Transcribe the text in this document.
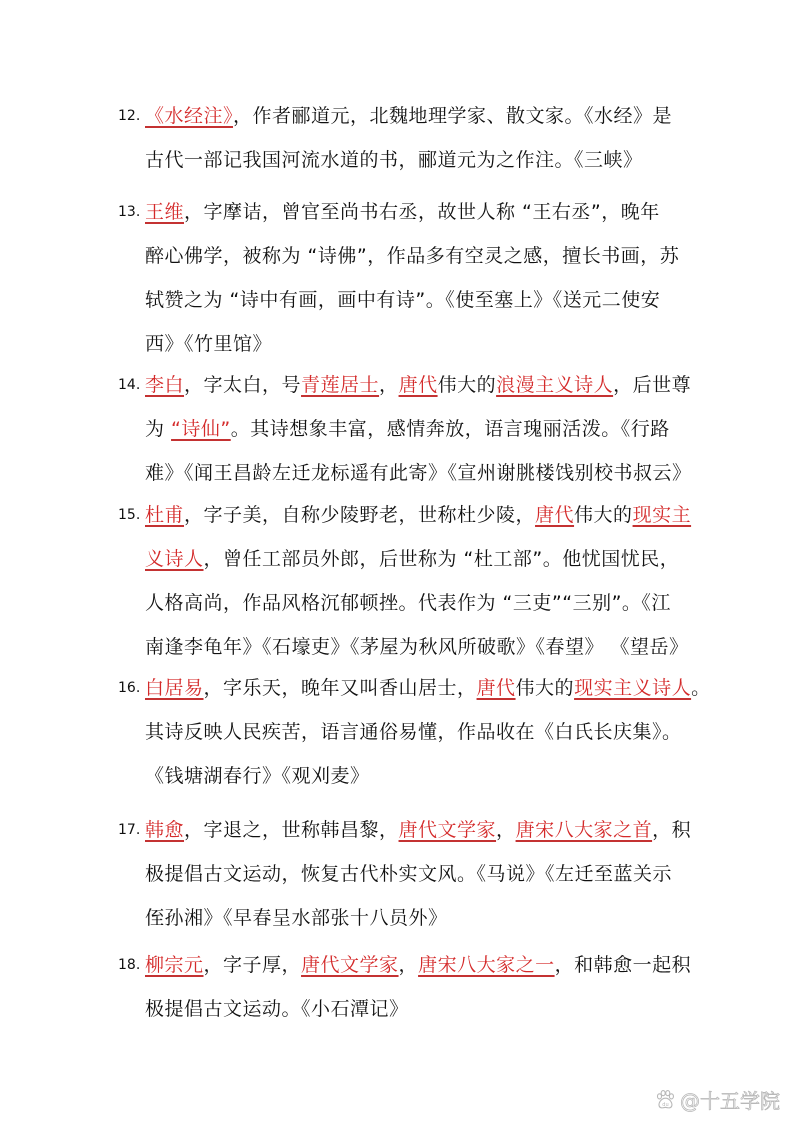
12. 《水经注》，作者郦道元，北魏地理学家、散文家。《水经》是
古代一部记我国河流水道的书，郦道元为之作注。《三峡》
13. 王维，字摩诘，曾官至尚书右丞，故世人称 “王右丞”，晚年
醉心佛学，被称为 “诗佛”，作品多有空灵之感，擅长书画，苏
轼赞之为 “诗中有画，画中有诗”。《使至塞上》《送元二使安
西》《竹里馆》
14. 李白，字太白，号青莲居士，唐代伟大的浪漫主义诗人，后世尊
为 “诗仙”。其诗想象丰富，感情奔放，语言瑰丽活泼。《行路
难》《闻王昌龄左迁龙标遥有此寄》《宣州谢朓楼饯别校书叔云》
15. 杜甫，字子美，自称少陵野老，世称杜少陵，唐代伟大的现实主
义诗人，曾任工部员外郎，后世称为 “杜工部”。他忧国忧民，
人格高尚，作品风格沉郁顿挫。代表作为 “三吏”“三别”。《江
南逢李龟年》《石壕吏》《茅屋为秋风所破歌》《春望》 《望岳》
16. 白居易，字乐天，晚年又叫香山居士，唐代伟大的现实主义诗人。
其诗反映人民疾苦，语言通俗易懂，作品收在《白氏长庆集》。
《钱塘湖春行》《观刈麦》
17. 韩愈，字退之，世称韩昌黎，唐代文学家，唐宋八大家之首，积
极提倡古文运动，恢复古代朴实文风。《马说》《左迁至蓝关示
侄孙湘》《早春呈水部张十八员外》
18. 柳宗元，字子厚，唐代文学家，唐宋八大家之一，和韩愈一起积
极提倡古文运动。《小石潭记》
du @十五学院
